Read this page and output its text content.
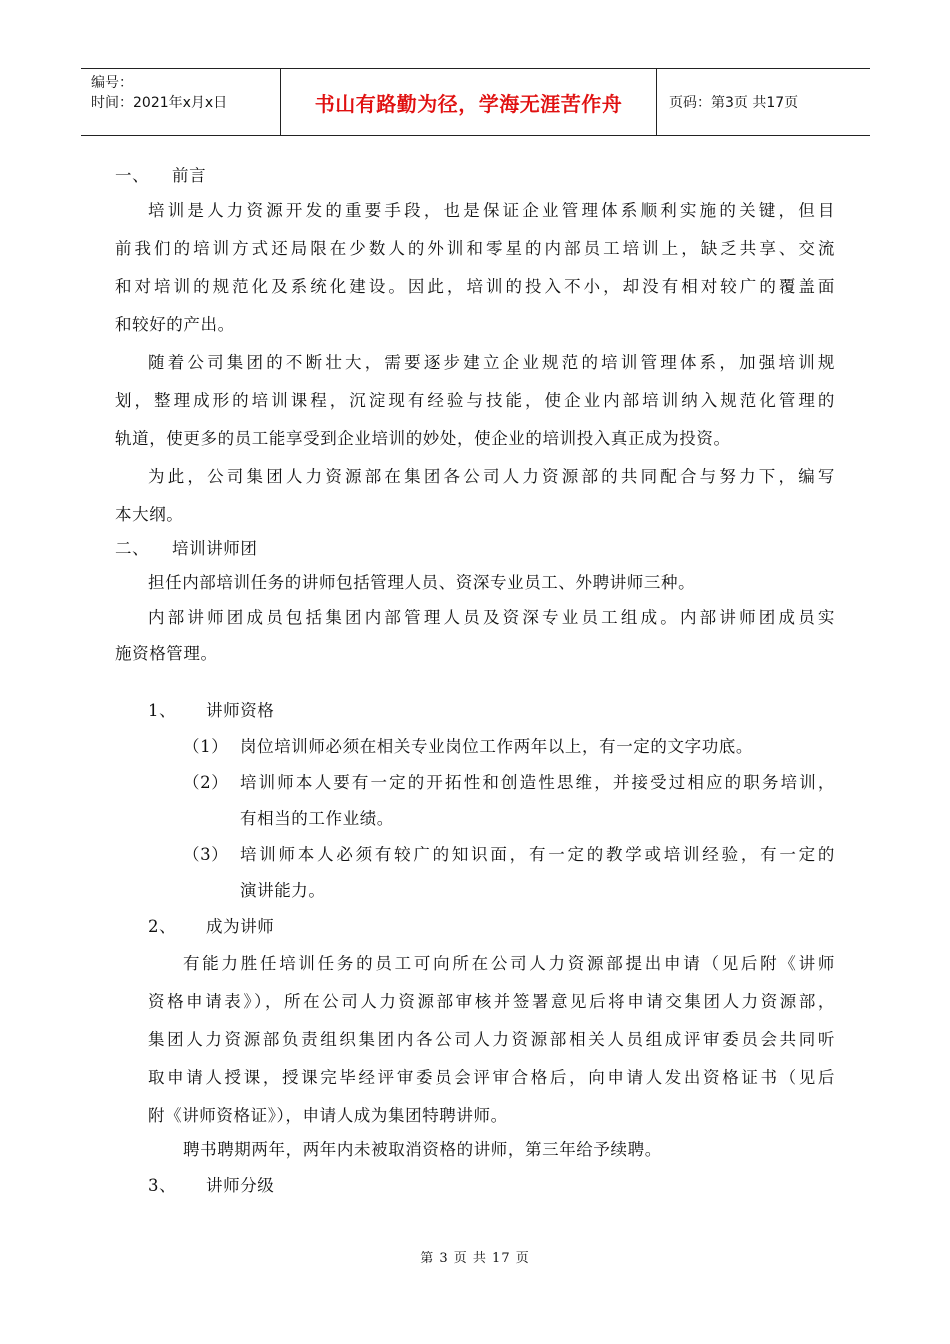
编号：
时间：2021年x月x日	书山有路勤为径，学海无涯苦作舟	页码：第3页 共17页
一、 前言
培训是人力资源开发的重要手段，也是保证企业管理体系顺利实施的关键，但目
前我们的培训方式还局限在少数人的外训和零星的内部员工培训上，缺乏共享、交流
和对培训的规范化及系统化建设。因此，培训的投入不小，却没有相对较广的覆盖面
和较好的产出。
随着公司集团的不断壮大，需要逐步建立企业规范的培训管理体系，加强培训规
划，整理成形的培训课程，沉淀现有经验与技能，使企业内部培训纳入规范化管理的
轨道，使更多的员工能享受到企业培训的妙处，使企业的培训投入真正成为投资。
为此，公司集团人力资源部在集团各公司人力资源部的共同配合与努力下，编写
本大纲。
二、 培训讲师团
担任内部培训任务的讲师包括管理人员、资深专业员工、外聘讲师三种。
内部讲师团成员包括集团内部管理人员及资深专业员工组成。内部讲师团成员实
施资格管理。
1、 讲师资格
（1） 岗位培训师必须在相关专业岗位工作两年以上，有一定的文字功底。
（2） 培训师本人要有一定的开拓性和创造性思维，并接受过相应的职务培训，
有相当的工作业绩。
（3） 培训师本人必须有较广的知识面，有一定的教学或培训经验，有一定的
演讲能力。
2、 成为讲师
有能力胜任培训任务的员工可向所在公司人力资源部提出申请（见后附《讲师
资格申请表》），所在公司人力资源部审核并签署意见后将申请交集团人力资源部，
集团人力资源部负责组织集团内各公司人力资源部相关人员组成评审委员会共同听
取申请人授课，授课完毕经评审委员会评审合格后，向申请人发出资格证书（见后
附《讲师资格证》），申请人成为集团特聘讲师。
聘书聘期两年，两年内未被取消资格的讲师，第三年给予续聘。
3、 讲师分级
第 3 页 共 17 页
